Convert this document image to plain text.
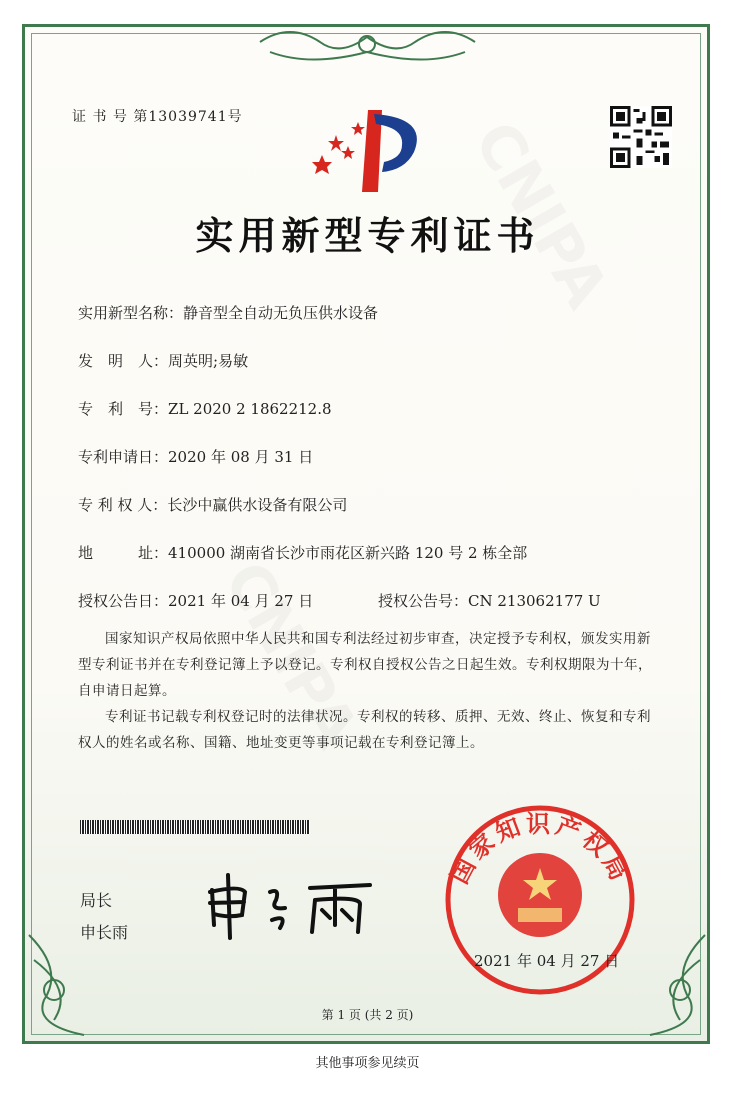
证 书 号 第13039741号
实用新型专利证书
实用新型名称：静音型全自动无负压供水设备
发　明　人：周英明;易敏
专　利　号：ZL 2020 2 1862212.8
专利申请日：2020 年 08 月 31 日
专 利 权 人：长沙中赢供水设备有限公司
地　　　址：410000 湖南省长沙市雨花区新兴路 120 号 2 栋全部
授权公告日：2021 年 04 月 27 日	授权公告号：CN 213062177 U

国家知识产权局依照中华人民共和国专利法经过初步审查，决定授予专利权，颁发实用新型专利证书并在专利登记簿上予以登记。专利权自授权公告之日起生效。专利权期限为十年，自申请日起算。

专利证书记载专利权登记时的法律状况。专利权的转移、质押、无效、终止、恢复和专利权人的姓名或名称、国籍、地址变更等事项记载在专利登记簿上。

局长
申长雨
国家知识产权局
2021 年 04 月 27 日
第 1 页 (共 2 页)
其他事项参见续页
